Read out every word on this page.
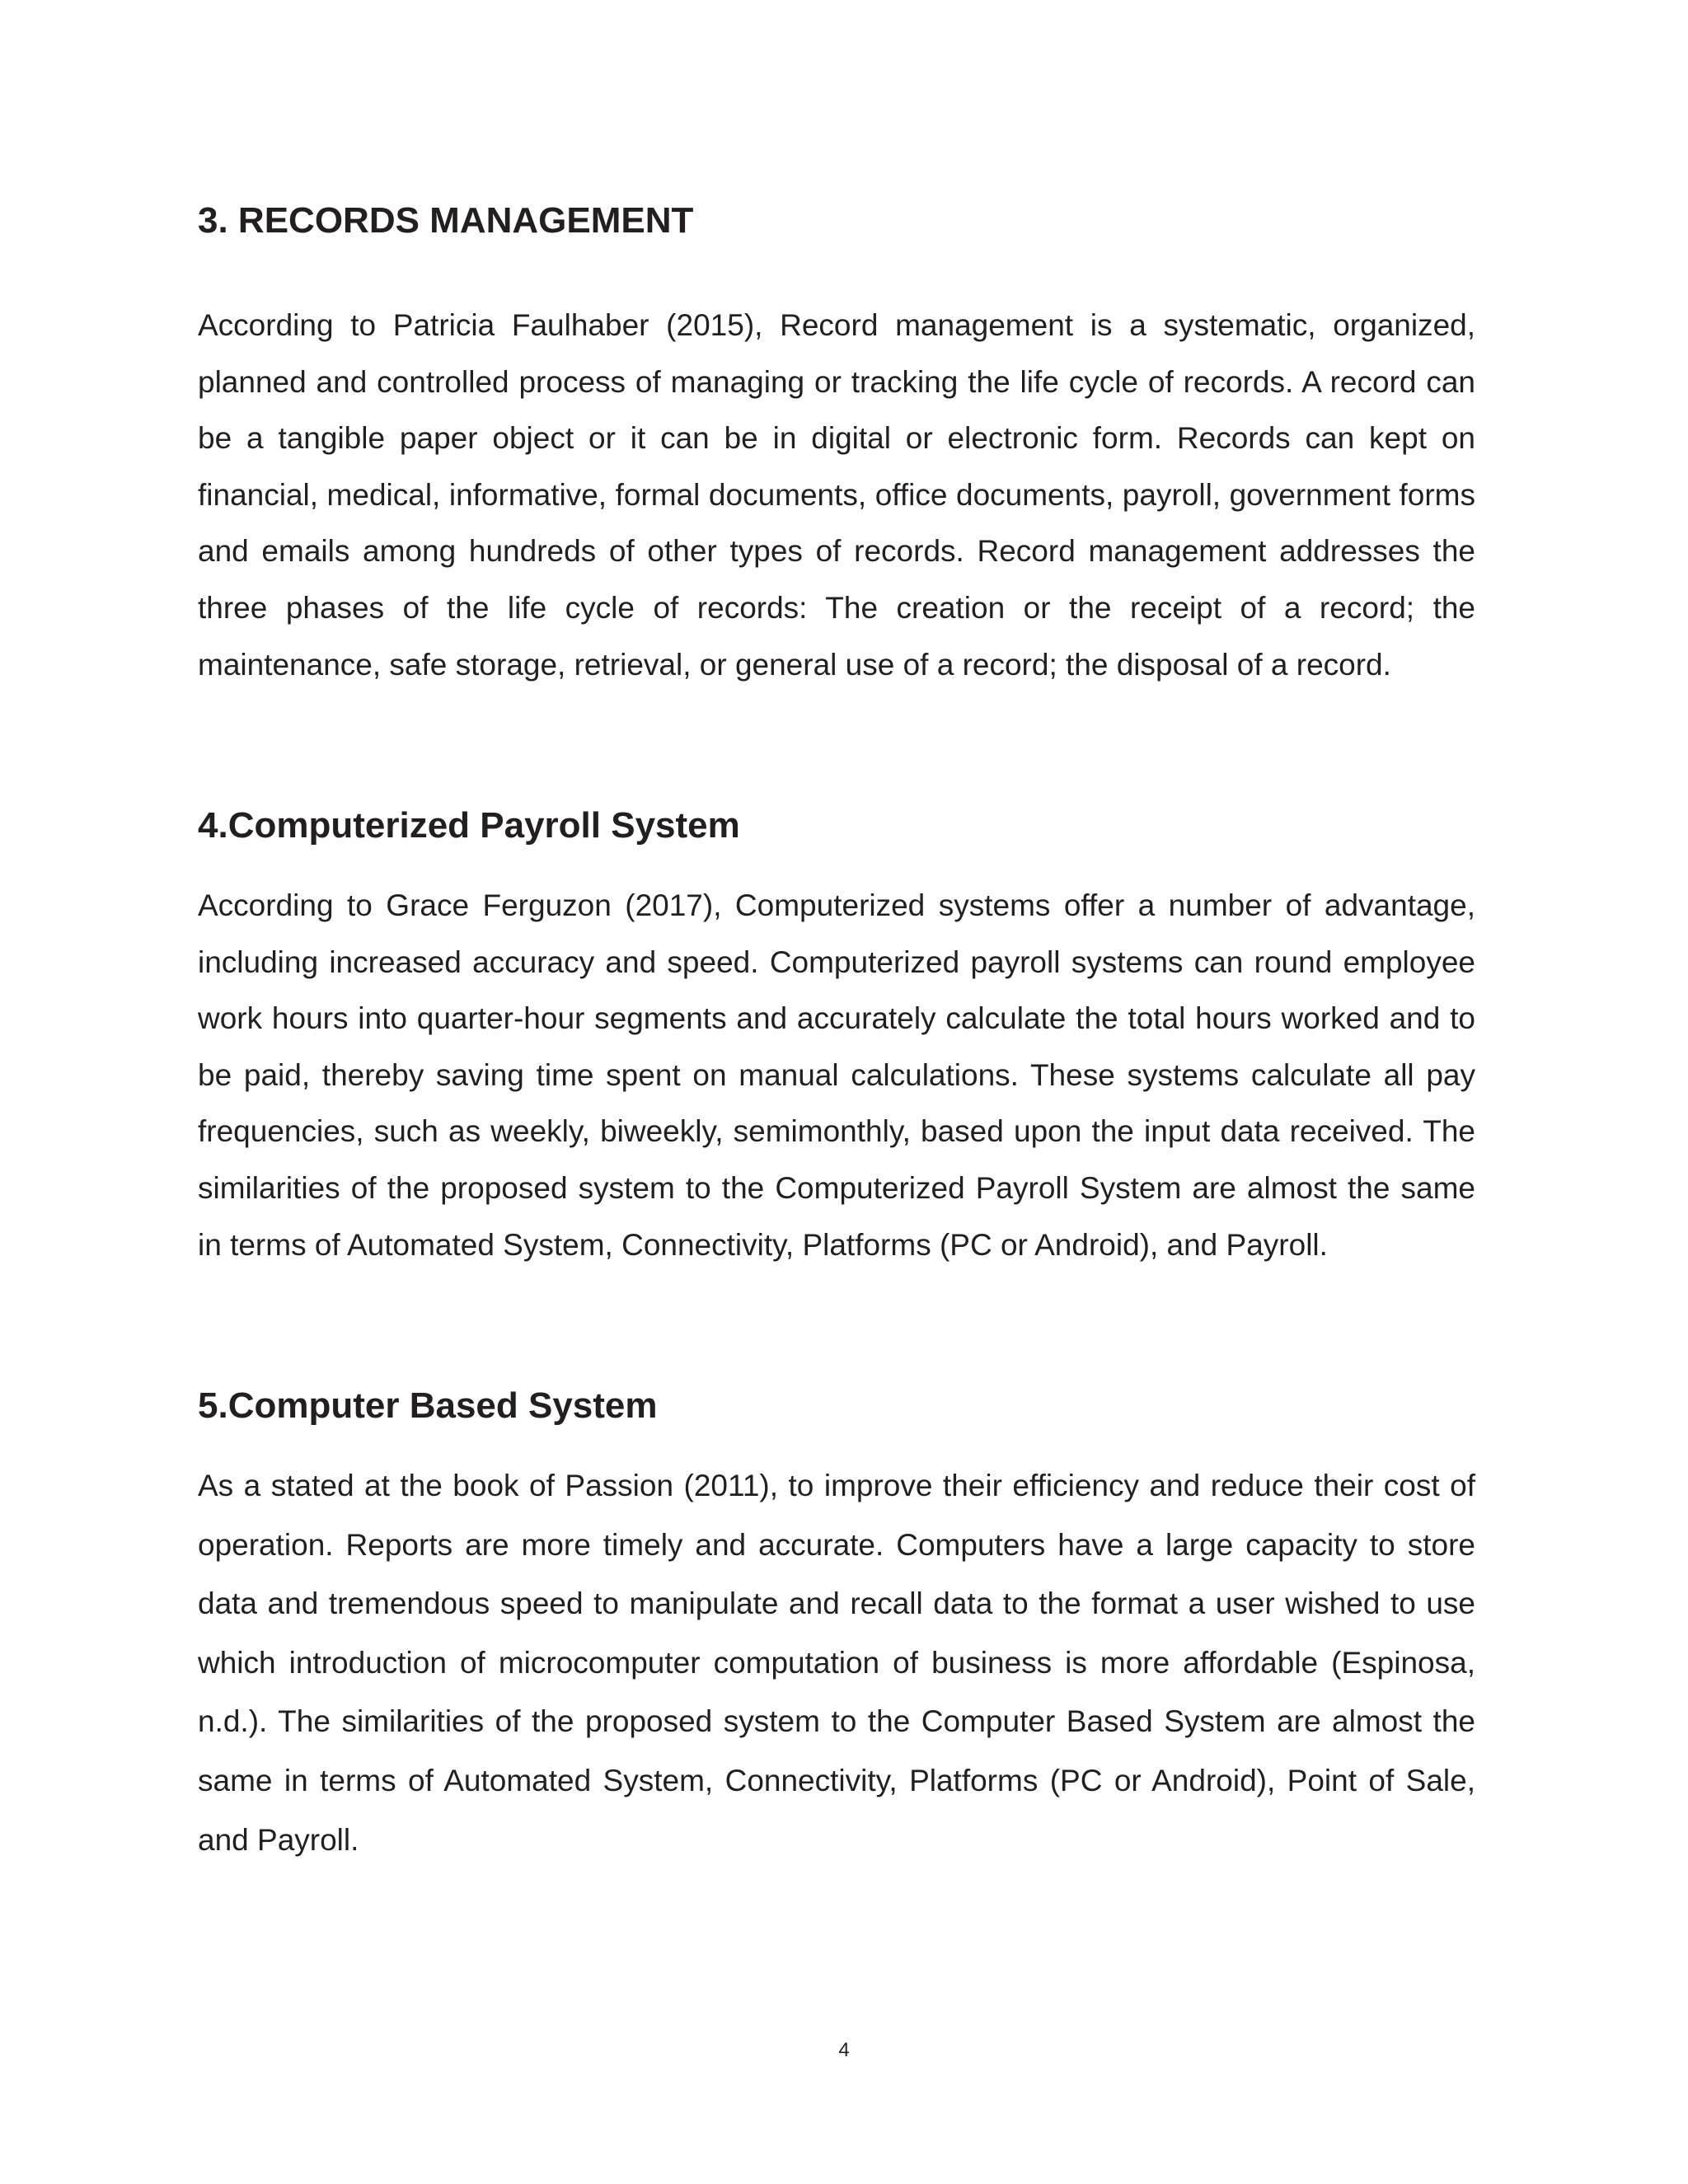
3. RECORDS MANAGEMENT

According to Patricia Faulhaber (2015), Record management is a systematic, organized, planned and controlled process of managing or tracking the life cycle of records. A record can be a tangible paper object or it can be in digital or electronic form. Records can kept on financial, medical, informative, formal documents, office documents, payroll, government forms and emails among hundreds of other types of records. Record management addresses the three phases of the life cycle of records: The creation or the receipt of a record; the maintenance, safe storage, retrieval, or general use of a record; the disposal of a record.

4.Computerized Payroll System

According to Grace Ferguzon (2017), Computerized systems offer a number of advantage, including increased accuracy and speed. Computerized payroll systems can round employee work hours into quarter-hour segments and accurately calculate the total hours worked and to be paid, thereby saving time spent on manual calculations. These systems calculate all pay frequencies, such as weekly, biweekly, semimonthly, based upon the input data received. The similarities of the proposed system to the Computerized Payroll System are almost the same in terms of Automated System, Connectivity, Platforms (PC or Android), and Payroll.

5.Computer Based System

As a stated at the book of Passion (2011), to improve their efficiency and reduce their cost of operation. Reports are more timely and accurate. Computers have a large capacity to store data and tremendous speed to manipulate and recall data to the format a user wished to use which introduction of microcomputer computation of business is more affordable (Espinosa, n.d.). The similarities of the proposed system to the Computer Based System are almost the same in terms of Automated System, Connectivity, Platforms (PC or Android), Point of Sale, and Payroll.

4
